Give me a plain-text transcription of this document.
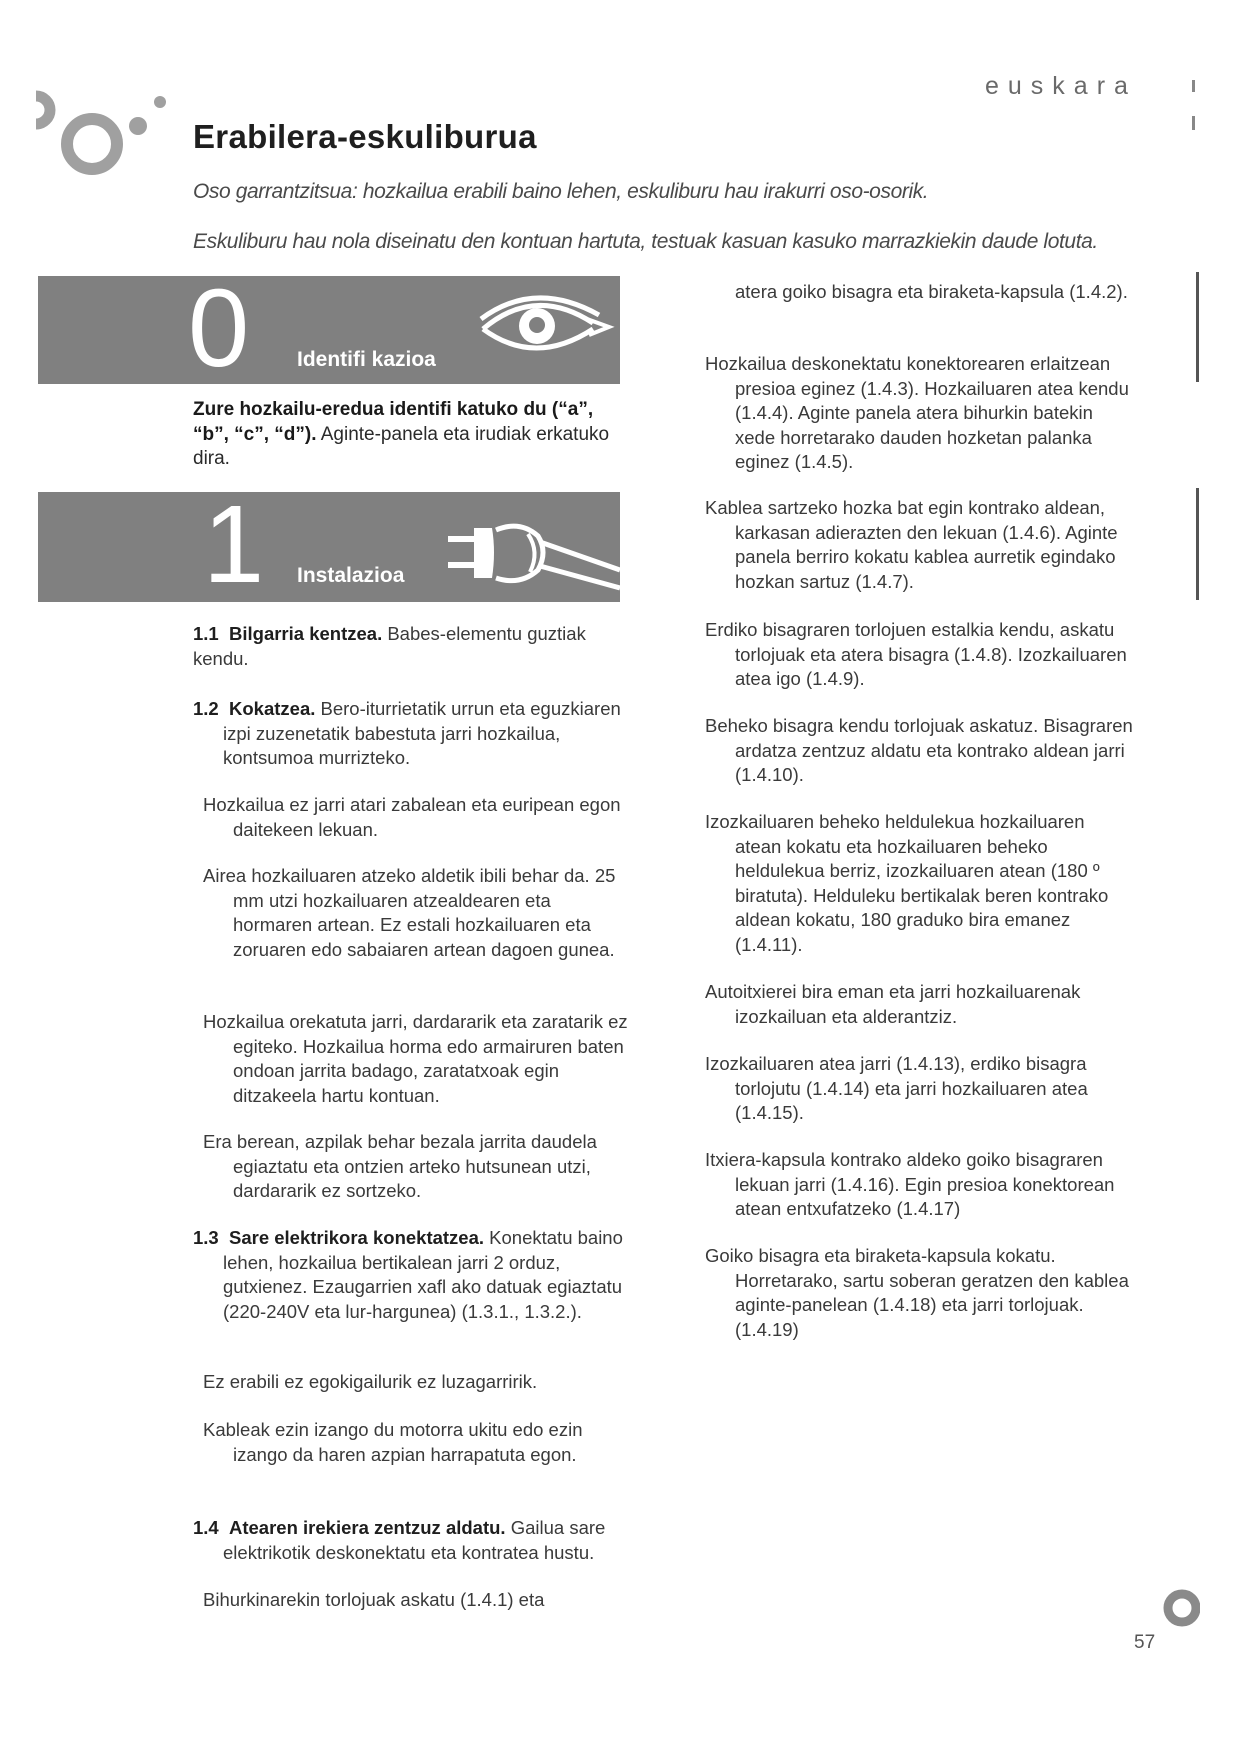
euskara
Erabilera-eskuliburua
Oso garrantzitsua: hozkailua erabili baino lehen, eskuliburu hau irakurri oso-osorik.
Eskuliburu hau nola diseinatu den kontuan hartuta, testuak kasuan kasuko marrazkiekin daude lotuta.
0 Identifi kazioa
Zure hozkailu-eredua identifi katuko du (“a”, “b”, “c”, “d”). Aginte-panela eta irudiak erkatuko dira.
1 Instalazioa

1.1 Bilgarria kentzea. Babes-elementu guztiak kendu.

1.2 Kokatzea. Bero-iturrietatik urrun eta eguzkiaren izpi zuzenetatik babestuta jarri hozkailua, kontsumoa murrizteko.

Hozkailua ez jarri atari zabalean eta euripean egon daitekeen lekuan.

Airea hozkailuaren atzeko aldetik ibili behar da. 25 mm utzi hozkailuaren atzealdearen eta hormaren artean. Ez estali hozkailuaren eta zoruaren edo sabaiaren artean dagoen gunea.

Hozkailua orekatuta jarri, dardararik eta zaratarik ez egiteko. Hozkailua horma edo armairuren baten ondoan jarrita badago, zaratatxoak egin ditzakeela hartu kontuan.

Era berean, azpilak behar bezala jarrita daudela egiaztatu eta ontzien arteko hutsunean utzi, dardararik ez sortzeko.

1.3 Sare elektrikora konektatzea. Konektatu baino lehen, hozkailua bertikalean jarri 2 orduz, gutxienez. Ezaugarrien xafl ako datuak egiaztatu (220-240V eta lur-hargunea) (1.3.1., 1.3.2.).

Ez erabili ez egokigailurik ez luzagarririk.

Kableak ezin izango du motorra ukitu edo ezin izango da haren azpian harrapatuta egon.

1.4 Atearen irekiera zentzuz aldatu. Gailua sare elektrikotik deskonektatu eta kontratea hustu.

Bihurkinarekin torlojuak askatu (1.4.1) eta

atera goiko bisagra eta biraketa-kapsula (1.4.2).

Hozkailua deskonektatu konektorearen erlaitzean presioa eginez (1.4.3). Hozkailuaren atea kendu (1.4.4). Aginte panela atera bihurkin batekin xede horretarako dauden hozketan palanka eginez (1.4.5).

Kablea sartzeko hozka bat egin kontrako aldean, karkasan adierazten den lekuan (1.4.6). Aginte panela berriro kokatu kablea aurretik egindako hozkan sartuz (1.4.7).

Erdiko bisagraren torlojuen estalkia kendu, askatu torlojuak eta atera bisagra (1.4.8). Izozkailuaren atea igo (1.4.9).

Beheko bisagra kendu torlojuak askatuz. Bisagraren ardatza zentzuz aldatu eta kontrako aldean jarri (1.4.10).

Izozkailuaren beheko heldulekua hozkailuaren atean kokatu eta hozkailuaren beheko heldulekua berriz, izozkailuaren atean (180 º biratuta). Helduleku bertikalak beren kontrako aldean kokatu, 180 graduko bira emanez (1.4.11).

Autoitxierei bira eman eta jarri hozkailuarenak izozkailuan eta alderantziz.

Izozkailuaren atea jarri (1.4.13), erdiko bisagra torlojutu (1.4.14) eta jarri hozkailuaren atea (1.4.15).

Itxiera-kapsula kontrako aldeko goiko bisagraren lekuan jarri (1.4.16). Egin presioa konektorean atean entxufatzeko (1.4.17)

Goiko bisagra eta biraketa-kapsula kokatu. Horretarako, sartu soberan geratzen den kablea aginte-panelean (1.4.18) eta jarri torlojuak. (1.4.19)

57
